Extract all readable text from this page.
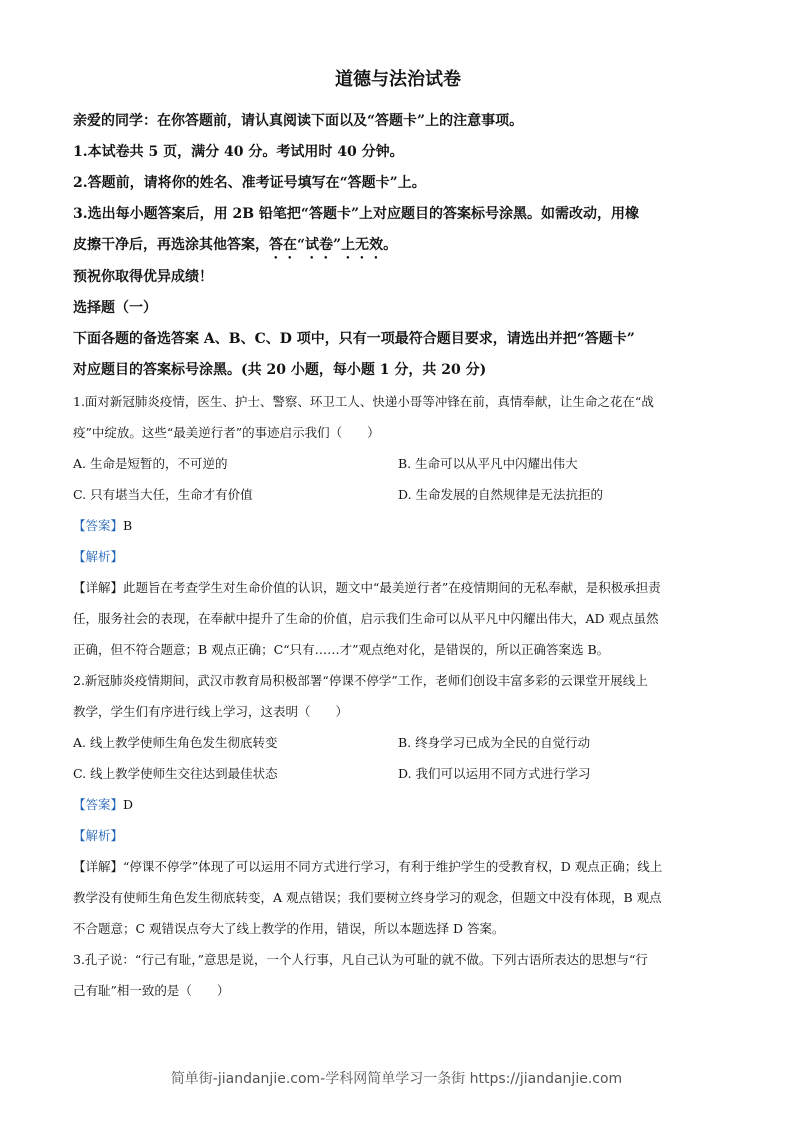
道德与法治试卷
亲爱的同学：在你答题前，请认真阅读下面以及“答题卡”上的注意事项。
1.本试卷共 5 页，满分 40 分。考试用时 40 分钟。
2.答题前，请将你的姓名、准考证号填写在“答题卡”上。
3.选出每小题答案后，用 2B 铅笔把“答题卡”上对应题目的答案标号涂黑。如需改动，用橡
皮擦干净后，再选涂其他答案，答在“试卷”上无效。
预祝你取得优异成绩！
选择题（一）
下面各题的备选答案 A、B、C、D 项中，只有一项最符合题目要求，请选出并把“答题卡”
对应题目的答案标号涂黑。(共 20 小题，每小题 1 分，共 20 分)
1.面对新冠肺炎疫情，医生、护士、警察、环卫工人、快递小哥等冲锋在前，真情奉献，让生命之花在“战
疫”中绽放。这些“最美逆行者”的事迹启示我们（　　）
A. 生命是短暂的，不可逆的	B. 生命可以从平凡中闪耀出伟大
C. 只有堪当大任，生命才有价值	D. 生命发展的自然规律是无法抗拒的
【答案】B
【解析】
【详解】此题旨在考查学生对生命价值的认识，题文中“最美逆行者”在疫情期间的无私奉献，是积极承担责
任，服务社会的表现，在奉献中提升了生命的价值，启示我们生命可以从平凡中闪耀出伟大，AD 观点虽然
正确，但不符合题意；B 观点正确；C“只有……才”观点绝对化，是错误的，所以正确答案选 B。
2.新冠肺炎疫情期间，武汉市教育局积极部署“停课不停学”工作，老师们创设丰富多彩的云课堂开展线上
教学，学生们有序进行线上学习，这表明（　　）
A. 线上教学使师生角色发生彻底转变	B. 终身学习已成为全民的自觉行动
C. 线上教学使师生交往达到最佳状态	D. 我们可以运用不同方式进行学习
【答案】D
【解析】
【详解】“停课不停学”体现了可以运用不同方式进行学习，有利于维护学生的受教育权，D 观点正确；线上
教学没有使师生角色发生彻底转变，A 观点错误；我们要树立终身学习的观念，但题文中没有体现，B 观点
不合题意；C 观错误点夸大了线上教学的作用，错误，所以本题选择 D 答案。
3.孔子说：“行己有耻，”意思是说，一个人行事，凡自己认为可耻的就不做。下列古语所表达的思想与“行
己有耻”相一致的是（　　）
简单街-jiandanjie.com-学科网简单学习一条街 https://jiandanjie.com
